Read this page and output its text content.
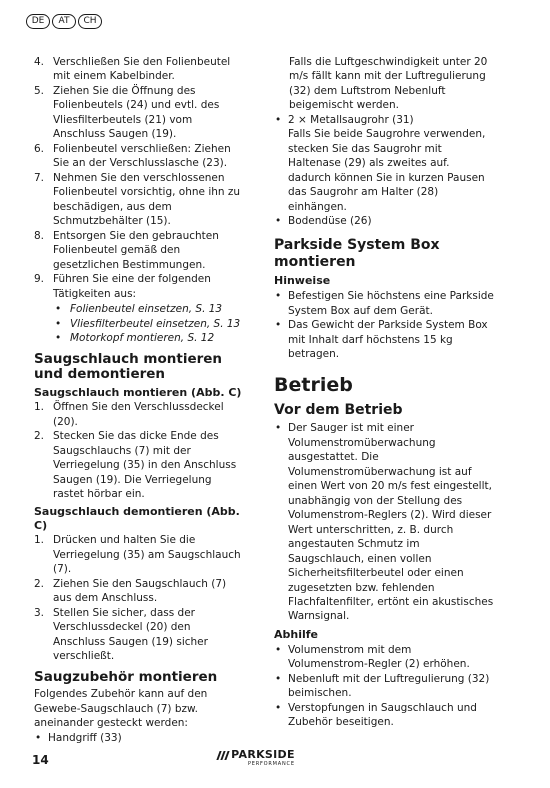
DE	AT	CH
4. Verschließen Sie den Folienbeutel mit einem Kabelbinder.
5. Ziehen Sie die Öffnung des Folienbeutels (24) und evtl. des Vliesfilterbeutels (21) vom Anschluss Saugen (19).
6. Folienbeutel verschließen: Ziehen Sie an der Verschlusslasche (23).
7. Nehmen Sie den verschlossenen Folienbeutel vorsichtig, ohne ihn zu beschädigen, aus dem Schmutzbehälter (15).
8. Entsorgen Sie den gebrauchten Folienbeutel gemäß den gesetzlichen Bestimmungen.
9. Führen Sie eine der folgenden Tätigkeiten aus:
• Folienbeutel einsetzen, S. 13
• Vliesfilterbeutel einsetzen, S. 13
• Motorkopf montieren, S. 12
Saugschlauch montieren und demontieren
Saugschlauch montieren (Abb. C)
1. Öffnen Sie den Verschlussdeckel (20).
2. Stecken Sie das dicke Ende des Saugschlauchs (7) mit der Verriegelung (35) in den Anschluss Saugen (19). Die Verriegelung rastet hörbar ein.
Saugschlauch demontieren (Abb. C)
1. Drücken und halten Sie die Verriegelung (35) am Saugschlauch (7).
2. Ziehen Sie den Saugschlauch (7) aus dem Anschluss.
3. Stellen Sie sicher, dass der Verschlussdeckel (20) den Anschluss Saugen (19) sicher verschließt.
Saugzubehör montieren

Folgendes Zubehör kann auf den Gewebe-Saugschlauch (7) bzw. aneinander gesteckt werden:

• Handgriff (33)

Falls die Luftgeschwindigkeit unter 20 m/s fällt kann mit der Luftregulierung (32) dem Luftstrom Nebenluft beigemischt werden.

• 2 × Metallsaugrohr (31)

Falls Sie beide Saugrohre verwenden, stecken Sie das Saugrohr mit Haltenase (29) als zweites auf. dadurch können Sie in kurzen Pausen das Saugrohr am Halter (28) einhängen.

• Bodendüse (26)
Parkside System Box montieren
Hinweise
• Befestigen Sie höchstens eine Parkside System Box auf dem Gerät.
• Das Gewicht der Parkside System Box mit Inhalt darf höchstens 15 kg betragen.
Betrieb
Vor dem Betrieb
• Der Sauger ist mit einer Volumenstromüberwachung ausgestattet. Die Volumenstromüberwachung ist auf einen Wert von 20 m/s fest eingestellt, unabhängig von der Stellung des Volumenstrom-Reglers (2). Wird dieser Wert unterschritten, z. B. durch angestauten Schmutz im Saugschlauch, einen vollen Sicherheitsfilterbeutel oder einen zugesetzten bzw. fehlenden Flachfaltenfilter, ertönt ein akustisches Warnsignal.
Abhilfe
• Volumenstrom mit dem Volumenstrom-Regler (2) erhöhen.
• Nebenluft mit der Luftregulierung (32) beimischen.
• Verstopfungen in Saugschlauch und Zubehör beseitigen.
14	PARKSIDE
PERFORMANCE
